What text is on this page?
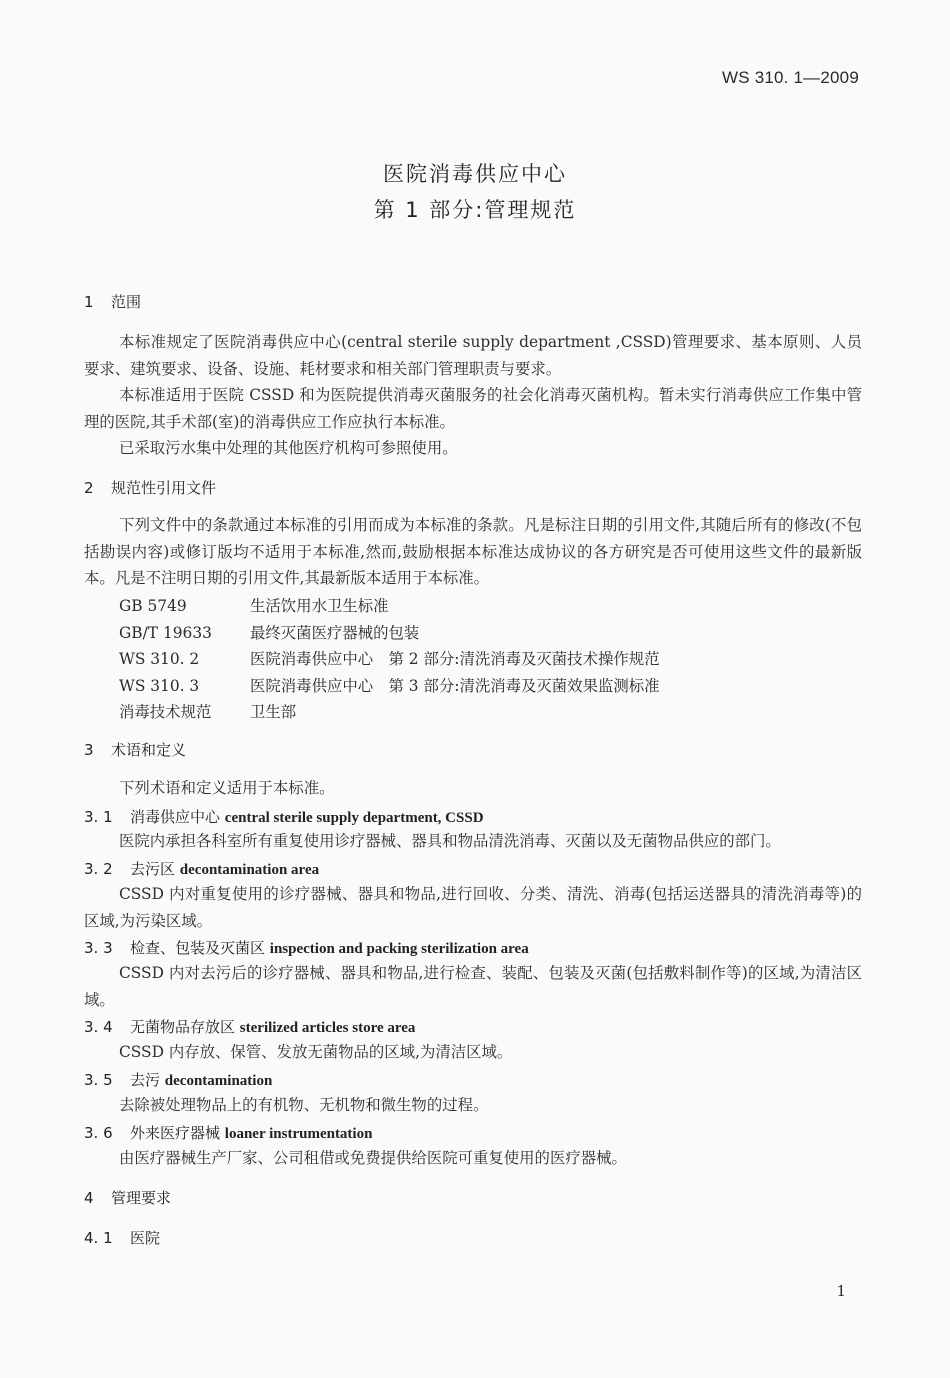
WS 310. 1—2009
医院消毒供应中心
第 1 部分:管理规范
1 范围
本标准规定了医院消毒供应中心(central sterile supply department ,CSSD)管理要求、基本原则、人员要求、建筑要求、设备、设施、耗材要求和相关部门管理职责与要求。
本标准适用于医院 CSSD 和为医院提供消毒灭菌服务的社会化消毒灭菌机构。暂未实行消毒供应工作集中管理的医院,其手术部(室)的消毒供应工作应执行本标准。
已采取污水集中处理的其他医疗机构可参照使用。
2 规范性引用文件
下列文件中的条款通过本标准的引用而成为本标准的条款。凡是标注日期的引用文件,其随后所有的修改(不包括勘误内容)或修订版均不适用于本标准,然而,鼓励根据本标准达成协议的各方研究是否可使用这些文件的最新版本。凡是不注明日期的引用文件,其最新版本适用于本标准。
GB 5749	生活饮用水卫生标准
GB/T 19633 最终灭菌医疗器械的包装
WS 310. 2	医院消毒供应中心　第 2 部分:清洗消毒及灭菌技术操作规范
WS 310. 3	医院消毒供应中心　第 3 部分:清洗消毒及灭菌效果监测标准
消毒技术规范	卫生部
3 术语和定义
下列术语和定义适用于本标准。
3. 1 消毒供应中心 central sterile supply department, CSSD
医院内承担各科室所有重复使用诊疗器械、器具和物品清洗消毒、灭菌以及无菌物品供应的部门。
3. 2 去污区 decontamination area
CSSD 内对重复使用的诊疗器械、器具和物品,进行回收、分类、清洗、消毒(包括运送器具的清洗消毒等)的区域,为污染区域。
3. 3 检查、包装及灭菌区 inspection and packing sterilization area
CSSD 内对去污后的诊疗器械、器具和物品,进行检查、装配、包装及灭菌(包括敷料制作等)的区域,为清洁区域。
3. 4 无菌物品存放区 sterilized articles store area
CSSD 内存放、保管、发放无菌物品的区域,为清洁区域。
3. 5 去污 decontamination
去除被处理物品上的有机物、无机物和微生物的过程。
3. 6 外来医疗器械 loaner instrumentation
由医疗器械生产厂家、公司租借或免费提供给医院可重复使用的医疗器械。
4 管理要求
4. 1 医院
1
